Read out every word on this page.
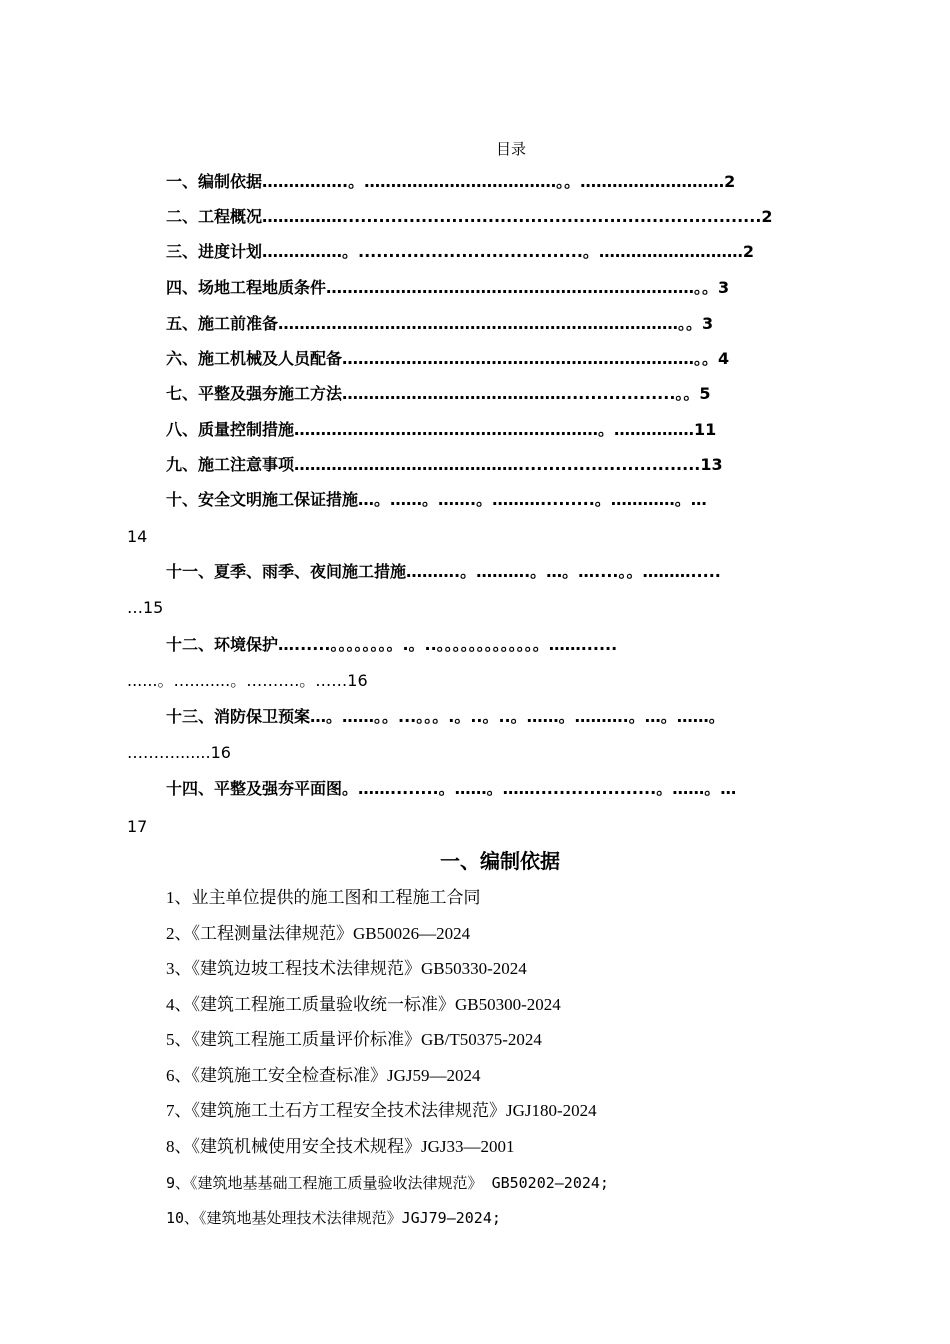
目录
一、编制依据…………….。………………………………。。………………………2
二、工程概况…………….....................................................................2
三、进度计划……………。.....................................。………………………2
四、场地工程地质条件……………………………………………………………。。3
五、施工前准备…………………………………………………………………。。3
六、施工机械及人员配备…………………………………………………………。。4
七、平整及强夯施工方法……………………………………..................。。5
八、质量控制措施…………………………………………………。……………11
九、施工注意事项……………………………………..............................13
十、安全文明施工保证措施…。……。…….。……….........。…………。…
14
十一、夏季、雨季、夜间施工措施……….。……….。…。…....。。……….....
…15
十二、环境保护…......。。。。。。。。.。..。。。。。。。。。。。。。……......
......。…........。……….。……16
十三、消防保卫预案…。……。。...。。。.。..。..。……。……….。…。……。
……….......16
十四、平整及强夯平面图。……........。……。……....................。……。…
17
一、编制依据
1、业主单位提供的施工图和工程施工合同
2、《工程测量法律规范》GB50026—2024
3、《建筑边坡工程技术法律规范》GB50330-2024
4、《建筑工程施工质量验收统一标准》GB50300-2024
5、《建筑工程施工质量评价标准》GB/T50375-2024
6、《建筑施工安全检查标准》JGJ59—2024
7、《建筑施工土石方工程安全技术法律规范》JGJ180-2024
8、《建筑机械使用安全技术规程》JGJ33—2001
9、《建筑地基基础工程施工质量验收法律规范》 GB50202—2024;
10、《建筑地基处理技术法律规范》JGJ79—2024;
